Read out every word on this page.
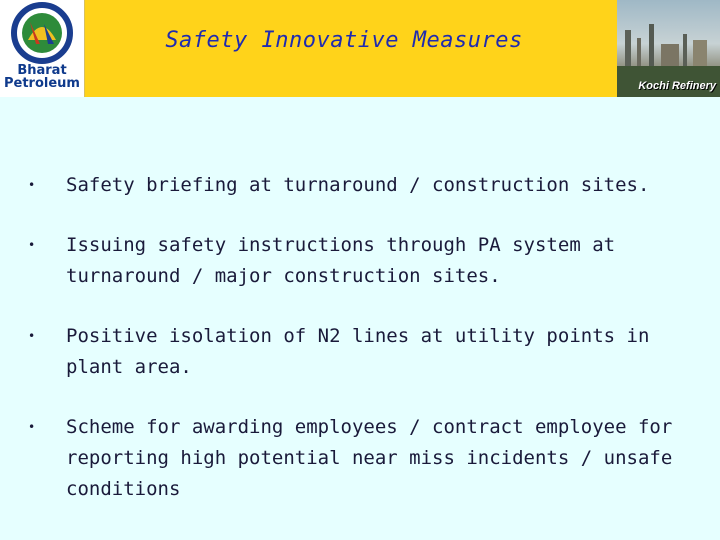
Bharat
Petroleum
Safety Innovative Measures
Kochi Refinery
• Safety briefing at turnaround / construction sites.
• Issuing safety instructions through PA system at turnaround / major construction sites.
• Positive isolation of N2 lines at utility points in plant area.
• Scheme for awarding employees / contract employee for reporting high potential near miss incidents / unsafe conditions
